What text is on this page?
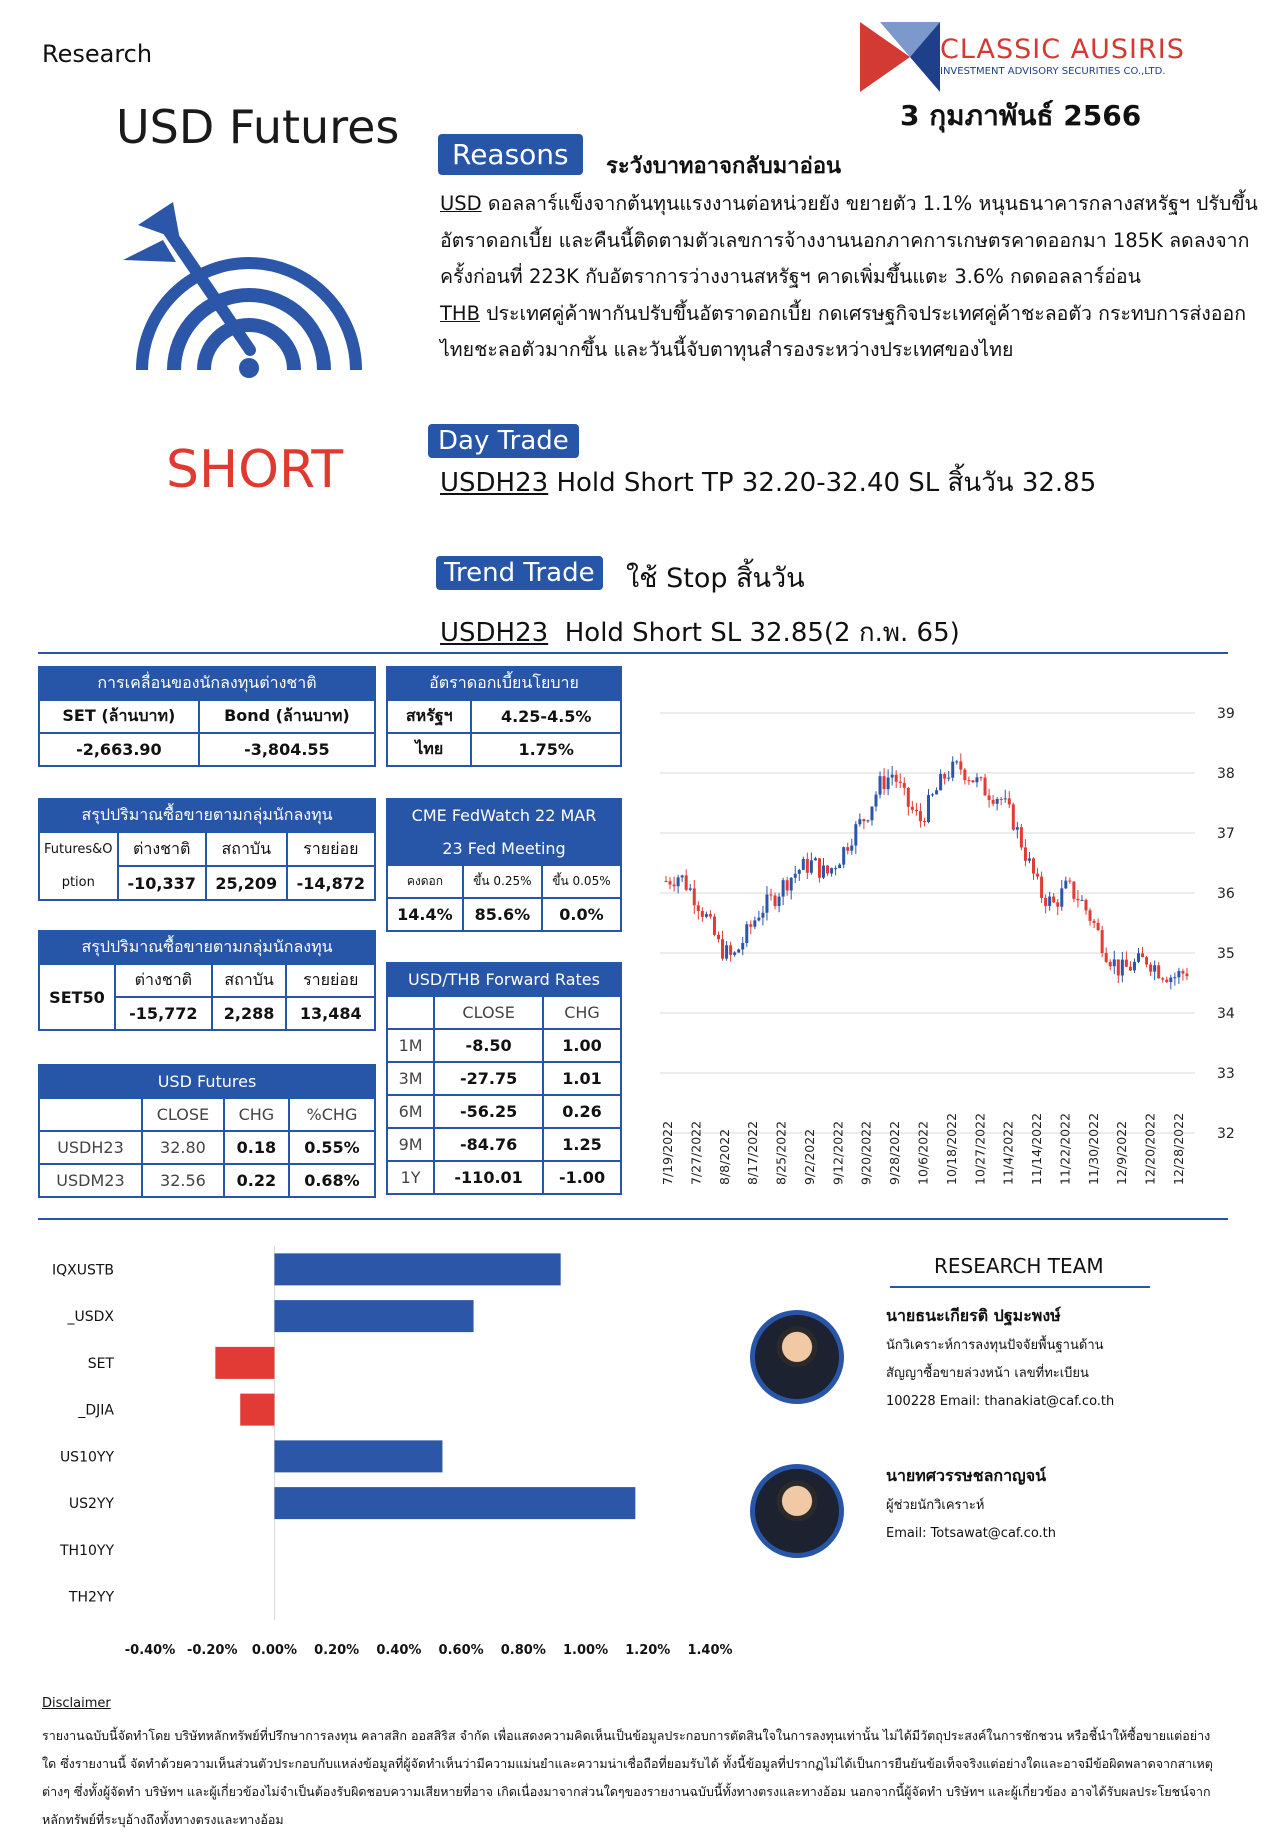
Research
USD Futures
CLASSIC AUSIRIS
INVESTMENT ADVISORY SECURITIES CO.,LTD.
3 กุมภาพันธ์ 2566
SHORT
Reasons	ระวังบาทอาจกลับมาอ่อน
USD ดอลลาร์แข็งจากต้นทุนแรงงานต่อหน่วยยัง ขยายตัว 1.1% หนุนธนาคารกลางสหรัฐฯ ปรับขึ้นอัตราดอกเบี้ย และคืนนี้ติดตามตัวเลขการจ้างงานนอกภาคการเกษตรคาดออกมา 185K ลดลงจากครั้งก่อนที่ 223K กับอัตราการว่างงานสหรัฐฯ คาดเพิ่มขึ้นแตะ 3.6% กดดอลลาร์อ่อน
THB ประเทศคู่ค้าพากันปรับขึ้นอัตราดอกเบี้ย กดเศรษฐกิจประเทศคู่ค้าชะลอตัว กระทบการส่งออกไทยชะลอตัวมากขึ้น และวันนี้จับตาทุนสำรองระหว่างประเทศของไทย
Day Trade
USDH23 Hold Short TP 32.20-32.40 SL สิ้นวัน 32.85
Trend Trade ใช้ Stop สิ้นวัน
USDH23  Hold Short SL 32.85(2 ก.พ. 65)
การเคลื่อนของนักลงทุนต่างชาติ	
SET (ล้านบาท)	Bond (ล้านบาท)
-2,663.90	-3,804.55
อัตราดอกเบี้ยนโยบาย	
สหรัฐฯ	4.25-4.5%
ไทย	1.75%
สรุปปริมาณซื้อขายตามกลุ่มนักลงทุน			
Futures&O
ption	ต่างชาติ	สถาบัน	รายย่อย
	-10,337	25,209	-14,872
CME FedWatch 22 MAR		
23 Fed Meeting		
คงดอก	ขึ้น 0.25%	ขึ้น 0.05%
14.4%	85.6%	0.0%
สรุปปริมาณซื้อขายตามกลุ่มนักลงทุน			
SET50	ต่างชาติ	สถาบัน	รายย่อย
	-15,772	2,288	13,484
USD/THB Forward Rates		
	CLOSE	CHG
1M	-8.50	1.00
3M	-27.75	1.01
6M	-56.25	0.26
9M	-84.76	1.25
1Y	-110.01	-1.00
USD Futures			
	CLOSE	CHG	%CHG
USDH23	32.80	0.18	0.55%
USDM23	32.56	0.22	0.68%
39
38
37
36
35
34
33
32
7/19/2022 7/27/2022 8/8/2022 8/17/2022 8/25/2022 9/2/2022 9/12/2022 9/20/2022 9/28/2022 10/6/2022 10/18/2022 10/27/2022 11/4/2022 11/14/2022 11/22/2022 11/30/2022 12/9/2022 12/20/2022 12/28/2022
IQXUSTB
_USDX
SET
_DJIA
US10YY
US2YY
TH10YY
TH2YY
-0.40% -0.20% 0.00% 0.20% 0.40% 0.60% 0.80% 1.00% 1.20% 1.40%
RESEARCH TEAM
นายธนะเกียรติ ปฐมะพงษ์
นักวิเคราะห์การลงทุนปัจจัยพื้นฐานด้าน
สัญญาซื้อขายล่วงหน้า เลขที่ทะเบียน
100228 Email: thanakiat@caf.co.th
นายทศวรรษชลกาญจน์
ผู้ช่วยนักวิเคราะห์
Email: Totsawat@caf.co.th
Disclaimer
รายงานฉบับนี้จัดทำโดย บริษัทหลักทรัพย์ที่ปรึกษาการลงทุน คลาสสิก ออสสิริส จำกัด เพื่อแสดงความคิดเห็นเป็นข้อมูลประกอบการตัดสินใจในการลงทุนเท่านั้น ไม่ได้มีวัตถุประสงค์ในการชักชวน หรือชี้นำให้ซื้อขายแต่อย่างใด ซึ่งรายงานนี้ จัดทำด้วยความเห็นส่วนตัวประกอบกับแหล่งข้อมูลที่ผู้จัดทำเห็นว่ามีความแม่นยำและความน่าเชื่อถือที่ยอมรับได้ ทั้งนี้ข้อมูลที่ปรากฏไม่ได้เป็นการยืนยันข้อเท็จจริงแต่อย่างใดและอาจมีข้อผิดพลาดจากสาเหตุต่างๆ ซึ่งทั้งผู้จัดทำ บริษัทฯ และผู้เกี่ยวข้องไม่จำเป็นต้องรับผิดชอบความเสียหายที่อาจ เกิดเนื่องมาจากส่วนใดๆของรายงานฉบับนี้ทั้งทางตรงและทางอ้อม นอกจากนี้ผู้จัดทำ บริษัทฯ และผู้เกี่ยวข้อง อาจได้รับผลประโยชน์จากหลักทรัพย์ที่ระบุอ้างถึงทั้งทางตรงและทางอ้อม
